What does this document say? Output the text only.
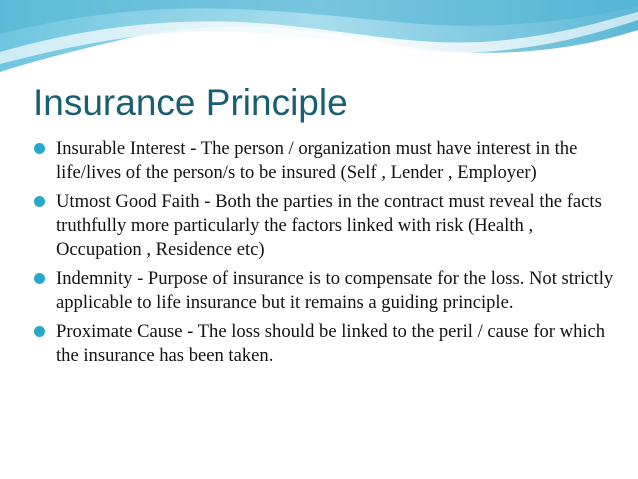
Insurance Principle
Insurable Interest - The person / organization must have interest in the life/lives of the person/s to be insured (Self , Lender , Employer)
Utmost Good Faith - Both the parties in the contract must reveal the facts truthfully more particularly the factors linked with risk (Health , Occupation , Residence etc)
Indemnity - Purpose of insurance is to compensate for the loss. Not strictly applicable to life insurance but it remains a guiding principle.
Proximate Cause - The loss should be linked to the peril / cause for which the insurance has been taken.
